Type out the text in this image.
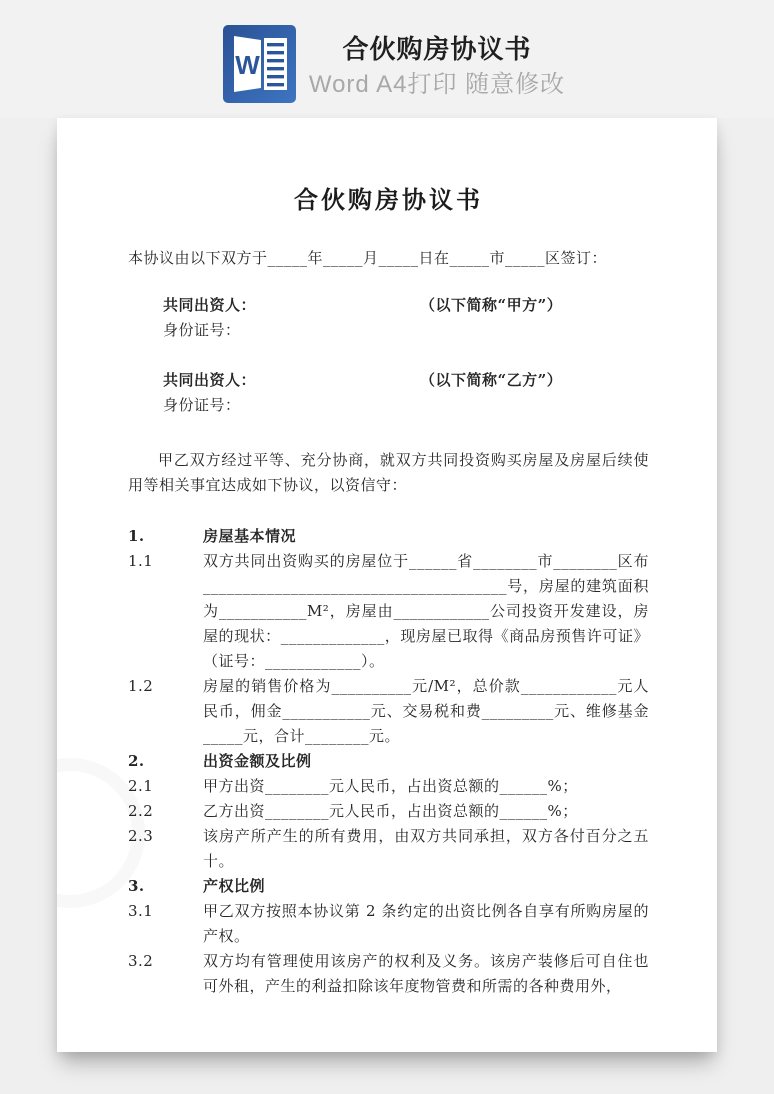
W
合伙购房协议书
Word A4打印 随意修改
合伙购房协议书
本协议由以下双方于_____年_____月_____日在_____市_____区签订：
共同出资人：	（以下简称“甲方”）
身份证号：
共同出资人：	（以下简称“乙方”）
身份证号：
甲乙双方经过平等、充分协商，就双方共同投资购买房屋及房屋后续使用等相关事宜达成如下协议，以资信守：
1.	房屋基本情况
1.1	双方共同出资购买的房屋位于______省________市________区布______________________________________号，房屋的建筑面积为___________M²，房屋由____________公司投资开发建设，房屋的现状：_____________，现房屋已取得《商品房预售许可证》（证号：____________）。
1.2	房屋的销售价格为__________元/M²，总价款____________元人民币，佣金___________元、交易税和费_________元、维修基金_____元，合计________元。
2.	出资金额及比例
2.1	甲方出资________元人民币，占出资总额的______%；
2.2	乙方出资________元人民币，占出资总额的______%；
2.3	该房产所产生的所有费用，由双方共同承担，双方各付百分之五十。
3.	产权比例
3.1	甲乙双方按照本协议第 2 条约定的出资比例各自享有所购房屋的产权。
3.2	双方均有管理使用该房产的权利及义务。该房产装修后可自住也可外租，产生的利益扣除该年度物管费和所需的各种费用外，
